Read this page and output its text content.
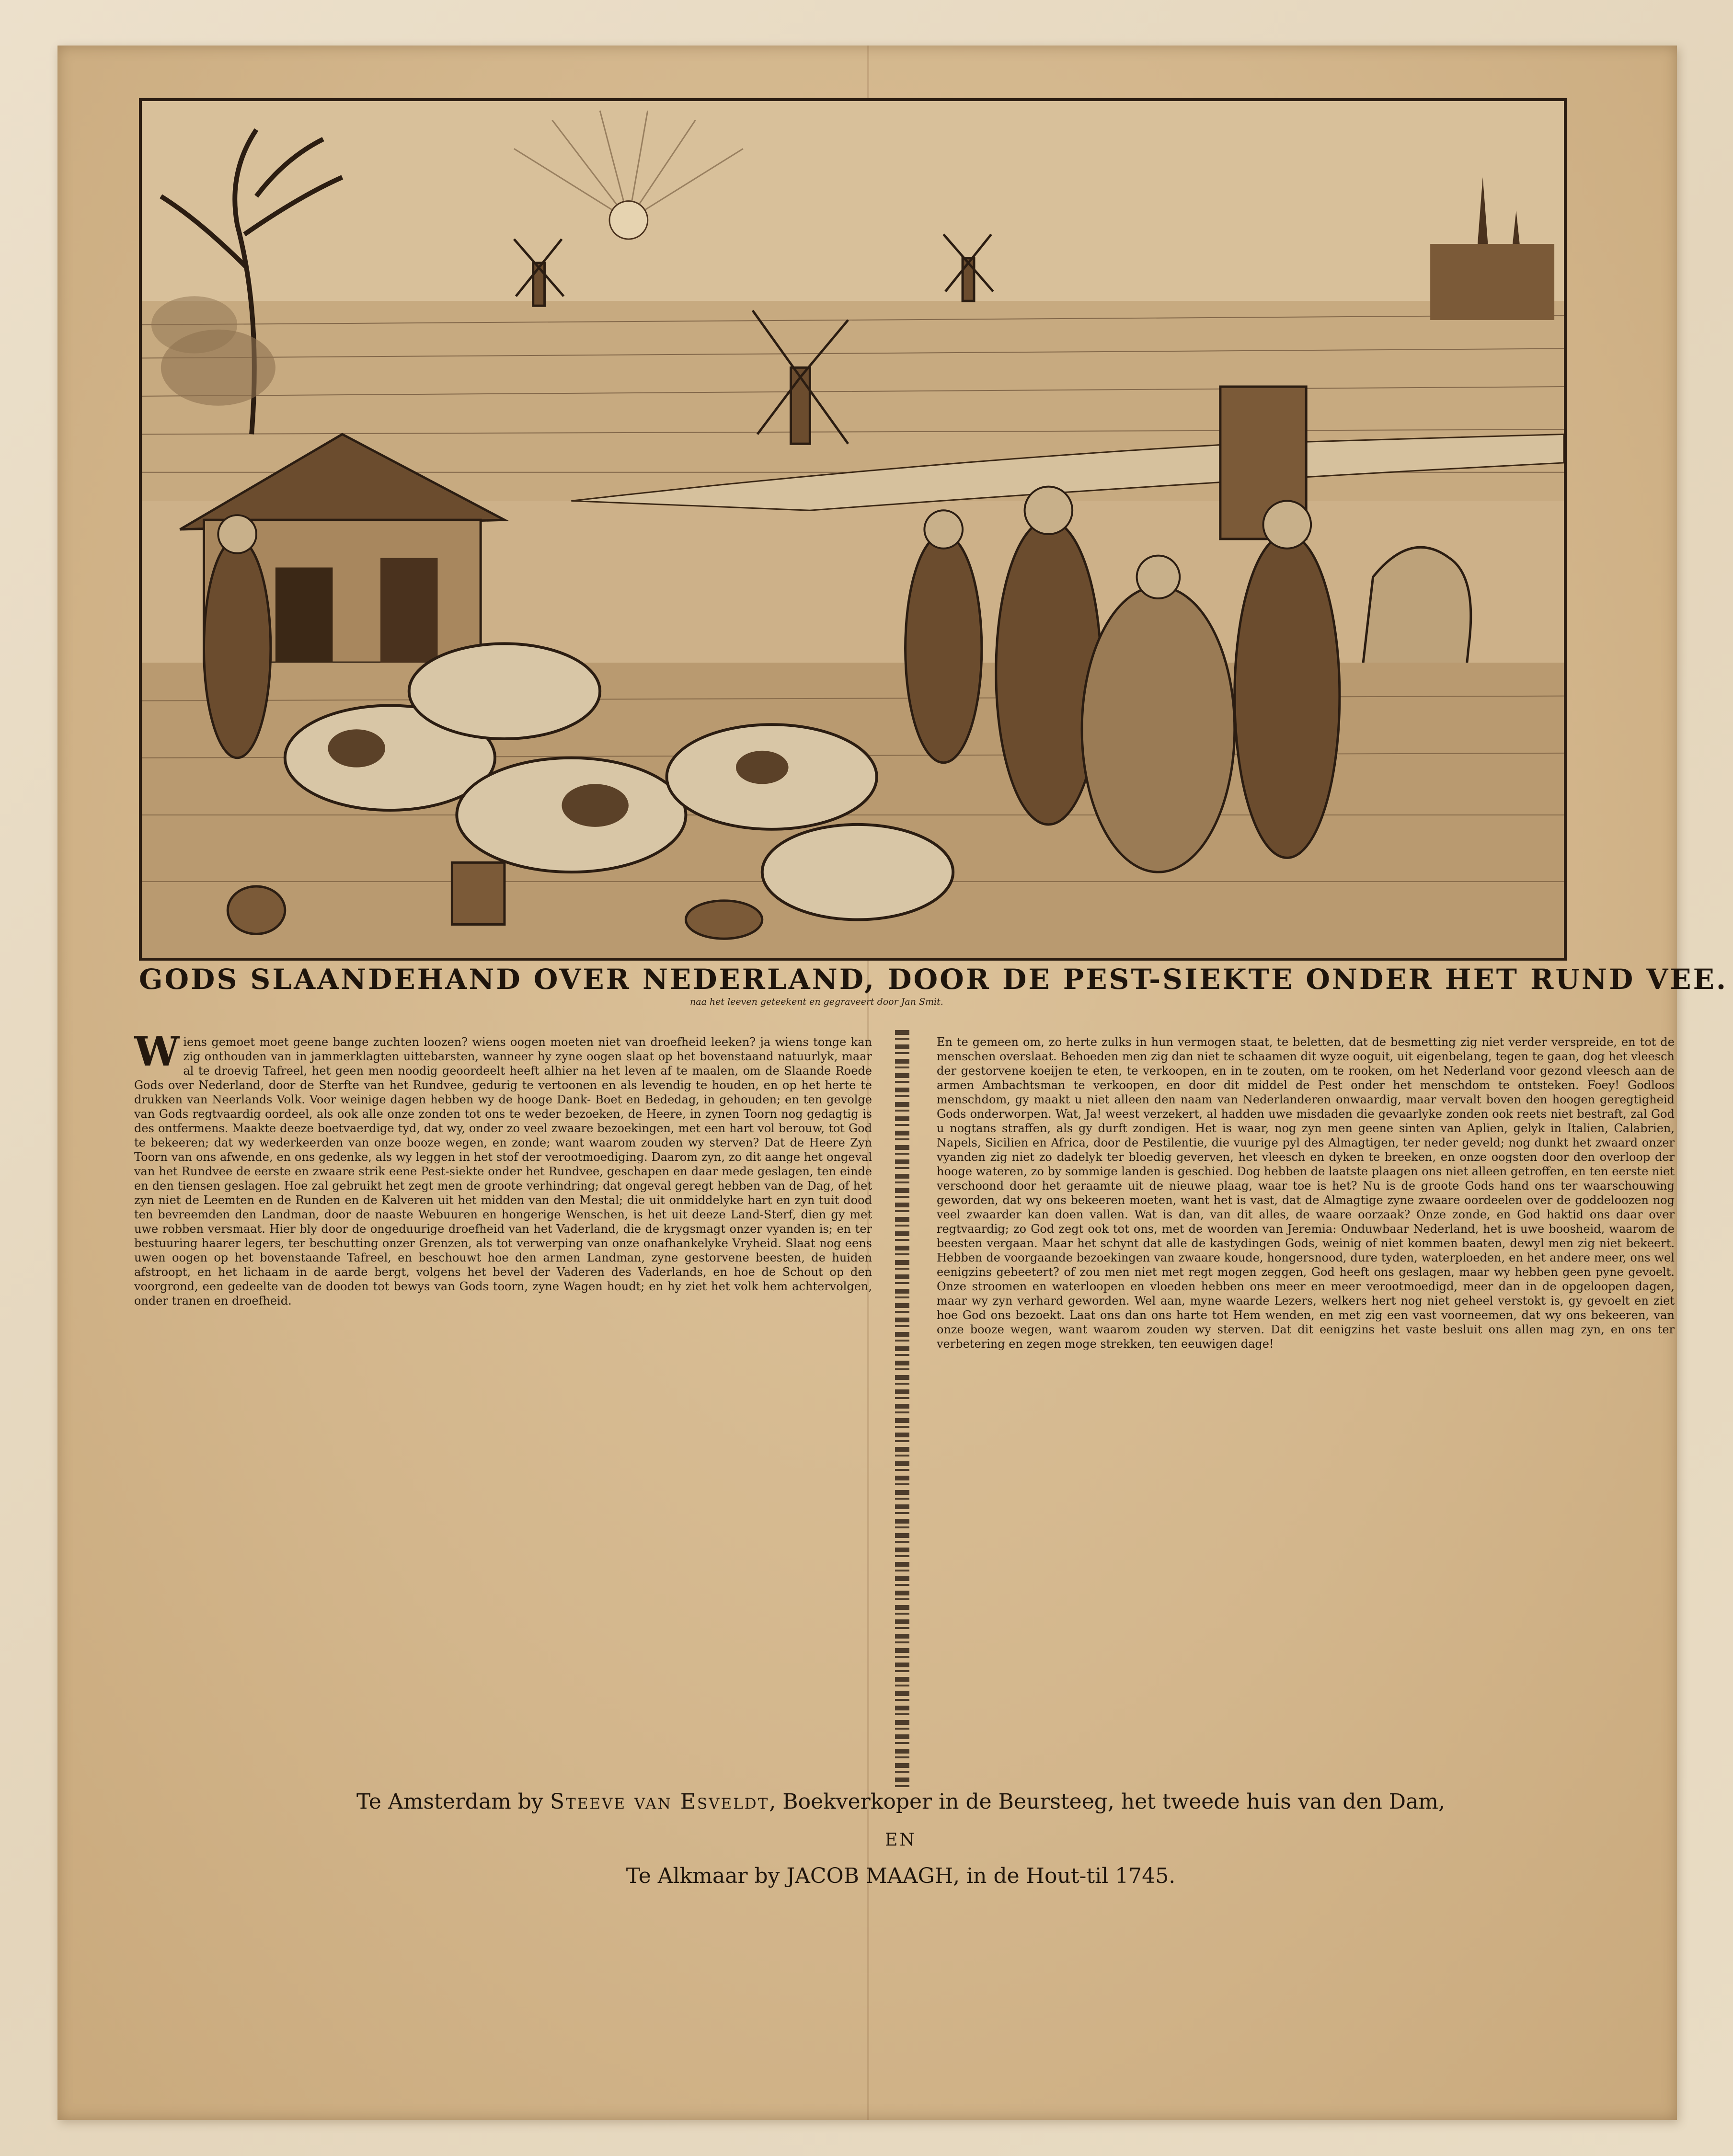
GODS SLAANDEHAND OVER NEDERLAND, DOOR DE PEST-SIEKTE ONDER HET RUND VEE.
naa het leeven geteekent en gegraveert door Jan Smit.
Wiens gemoet moet geene bange zuchten loozen? wiens oogen moeten niet van droefheid leeken? ja wiens tonge kan zig onthouden van in jammerklagten uittebarsten, wanneer hy zyne oogen slaat op het bovenstaand natuurlyk, maar al te droevig Tafreel, het geen men noodig geoordeelt heeft alhier na het leven af te maalen, om de Slaande Roede Gods over Nederland, door de Sterfte van het Rundvee, gedurig te vertoonen en als levendig te houden, en op het herte te drukken van Neerlands Volk. Voor weinige dagen hebben wy de hooge Dank- Boet en Bededag, in gehouden; en ten gevolge van Gods regtvaardig oordeel, als ook alle onze zonden tot ons te weder bezoeken, de Heere, in zynen Toorn nog gedagtig is des ontfermens. Maakte deeze boetvaerdige tyd, dat wy, onder zo veel zwaare bezoekingen, met een hart vol berouw, tot God te bekeeren; dat wy wederkeerden van onze booze wegen, en zonde; want waarom zouden wy sterven? Dat de Heere Zyn Toorn van ons afwende, en ons gedenke, als wy leggen in het stof der verootmoediging. Daarom zyn, zo dit aange het ongeval van het Rundvee de eerste en zwaare strik eene Pest-siekte onder het Rundvee, geschapen en daar mede geslagen, ten einde en den tiensen geslagen. Hoe zal gebruikt het zegt men de groote verhindring; dat ongeval geregt hebben van de Dag, of het zyn niet de Leemten en de Runden en de Kalveren uit het midden van den Mestal; die uit onmiddelyke hart en zyn tuit dood ten bevreemden den Landman, door de naaste Webuuren en hongerige Wenschen, is het uit deeze Land-Sterf, dien gy met uwe robben versmaat. Hier bly door de ongeduurige droefheid van het Vaderland, die de krygsmagt onzer vyanden is; en ter bestuuring haarer legers, ter beschutting onzer Grenzen, als tot verwerping van onze onafhankelyke Vryheid. Slaat nog eens uwen oogen op het bovenstaande Tafreel, en beschouwt hoe den armen Landman, zyne gestorvene beesten, de huiden afstroopt, en het lichaam in de aarde bergt, volgens het bevel der Vaderen des Vaderlands, en hoe de Schout op den voorgrond, een gedeelte van de dooden tot bewys van Gods toorn, zyne Wagen houdt; en hy ziet het volk hem achtervolgen, onder tranen en droefheid.
En te gemeen om, zo herte zulks in hun vermogen staat, te beletten, dat de besmetting zig niet verder verspreide, en tot de menschen overslaat. Behoeden men zig dan niet te schaamen dit wyze ooguit, uit eigenbelang, tegen te gaan, dog het vleesch der gestorvene koeijen te eten, te verkoopen, en in te zouten, om te rooken, om het Nederland voor gezond vleesch aan de armen Ambachtsman te verkoopen, en door dit middel de Pest onder het menschdom te ontsteken. Foey! Godloos menschdom, gy maakt u niet alleen den naam van Nederlanderen onwaardig, maar vervalt boven den hoogen geregtigheid Gods onderworpen. Wat, Ja! weest verzekert, al hadden uwe misdaden die gevaarlyke zonden ook reets niet bestraft, zal God u nogtans straffen, als gy durft zondigen. Het is waar, nog zyn men geene sinten van Aplien, gelyk in Italien, Calabrien, Napels, Sicilien en Africa, door de Pestilentie, die vuurige pyl des Almagtigen, ter neder geveld; nog dunkt het zwaard onzer vyanden zig niet zo dadelyk ter bloedig geverven, het vleesch en dyken te breeken, en onze oogsten door den overloop der hooge wateren, zo by sommige landen is geschied. Dog hebben de laatste plaagen ons niet alleen getroffen, en ten eerste niet verschoond door het geraamte uit de nieuwe plaag, waar toe is het? Nu is de groote Gods hand ons ter waarschouwing geworden, dat wy ons bekeeren moeten, want het is vast, dat de Almagtige zyne zwaare oordeelen over de goddeloozen nog veel zwaarder kan doen vallen. Wat is dan, van dit alles, de waare oorzaak? Onze zonde, en God haktid ons daar over regtvaardig; zo God zegt ook tot ons, met de woorden van Jeremia: Onduwbaar Nederland, het is uwe boosheid, waarom de beesten vergaan. Maar het schynt dat alle de kastydingen Gods, weinig of niet kommen baaten, dewyl men zig niet bekeert. Hebben de voorgaande bezoekingen van zwaare koude, hongersnood, dure tyden, waterploeden, en het andere meer, ons wel eenigzins gebeetert? of zou men niet met regt mogen zeggen, God heeft ons geslagen, maar wy hebben geen pyne gevoelt. Onze stroomen en waterloopen en vloeden hebben ons meer en meer verootmoedigd, meer dan in de opgeloopen dagen, maar wy zyn verhard geworden. Wel aan, myne waarde Lezers, welkers hert nog niet geheel verstokt is, gy gevoelt en ziet hoe God ons bezoekt. Laat ons dan ons harte tot Hem wenden, en met zig een vast voorneemen, dat wy ons bekeeren, van onze booze wegen, want waarom zouden wy sterven. Dat dit eenigzins het vaste besluit ons allen mag zyn, en ons ter verbetering en zegen moge strekken, ten eeuwigen dage!
Te Amsterdam by Steeve van Esveldt, Boekverkoper in de Beursteeg, het tweede huis van den Dam,
EN
Te Alkmaar by JACOB MAAGH, in de Hout-til 1745.
